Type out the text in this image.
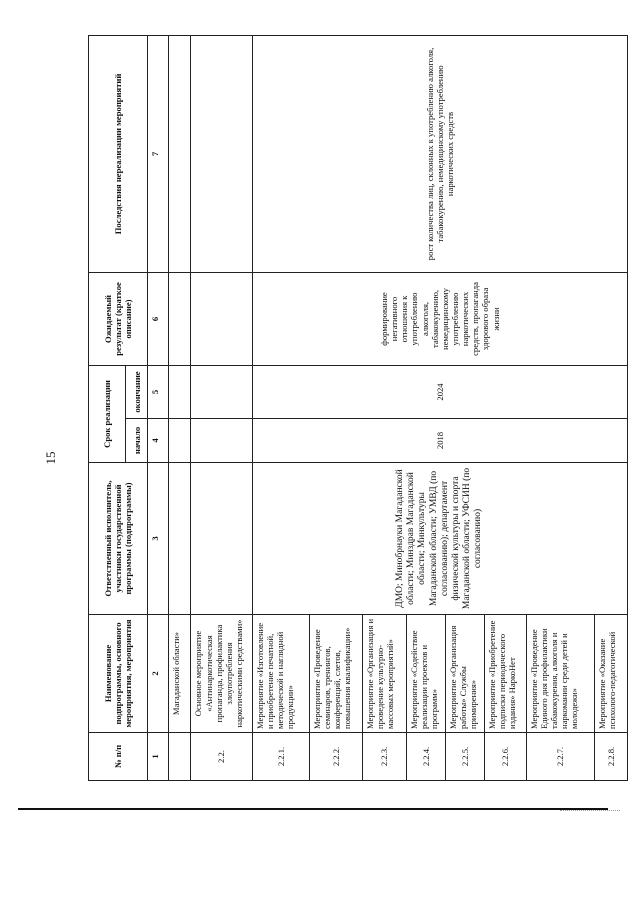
15
№ п/п	Наименование подпрограммы, основного мероприятия, мероприятия	Ответственный исполнитель, участники государственной программы (подпрограммы)	Срок реализации		Ожидаемый результат (краткое описание)	Последствия нереализации мероприятий
			начало	окончание		
1	2	3	4	5	6	7
	Магаданской области»					
2.2.	Основное мероприятие «Антинаркотическая пропаганда, профилактика злоупотребления наркотическими средствами»					
2.2.1.	Мероприятие «Изготовление и приобретение печатной, методической и наглядной продукции»	ДМО; Минобрнауки Магаданской области; Минздрав Магаданской области; Минкультуры Магаданской области; УМВД (по согласованию); департамент физической культуры и спорта Магаданской области; УФСИН (по согласованию)	2018	2024	формирование негативного отношения к употреблению алкоголя, табакокурению, немедицинскому употреблению наркотических средств, пропаганда здорового образа жизни	рост количества лиц, склонных к употреблению алкоголя, табакокурению, немедицинскому употреблению наркотических средств
2.2.2.	Мероприятие «Проведение семинаров, тренингов, конференций, слетов, повышения квалификации»					
2.2.3.	Мероприятие «Организация и проведение культурно-массовых мероприятий»					
2.2.4.	Мероприятие «Содействие реализации проектов и программ»					
2.2.5.	Мероприятие «Организация работы» Службы примирения»					
2.2.6.	Мероприятие «Приобретение подписки периодического издания» НаркоНет					
2.2.7.	Мероприятие «Проведение Единого дня профилактики табакокурения, алкоголя и наркомании среди детей и молодежи»					
2.2.8.	Мероприятие «Оказание психолого-педагогической					
